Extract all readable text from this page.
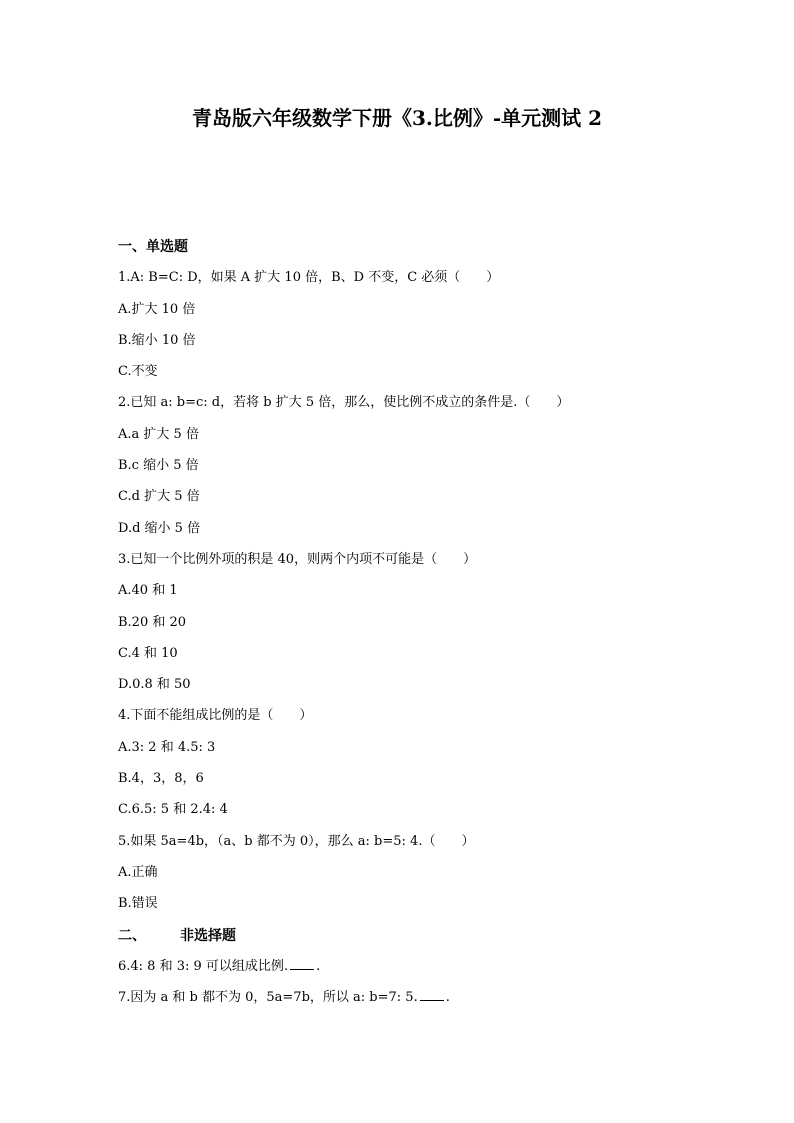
青岛版六年级数学下册《3.比例》-单元测试 2
一、单选题
1.A: B=C: D，如果 A 扩大 10 倍，B、D 不变，C 必须（　　）
A.扩大 10 倍
B.缩小 10 倍
C.不变
2.已知 a: b=c: d，若将 b 扩大 5 倍，那么，使比例不成立的条件是.（　　）
A.a 扩大 5 倍
B.c 缩小 5 倍
C.d 扩大 5 倍
D.d 缩小 5 倍
3.已知一个比例外项的积是 40，则两个内项不可能是（　　）
A.40 和 1
B.20 和 20
C.4 和 10
D.0.8 和 50
4.下面不能组成比例的是（　　）
A.3: 2 和 4.5: 3
B.4，3，8，6
C.6.5: 5 和 2.4: 4
5.如果 5a=4b，（a、b 都不为 0），那么 a: b=5: 4.（　　）
A.正确
B.错误
二、 非选择题
6.4: 8 和 3: 9 可以组成比例. .
7.因为 a 和 b 都不为 0，5a=7b，所以 a: b=7: 5. .
